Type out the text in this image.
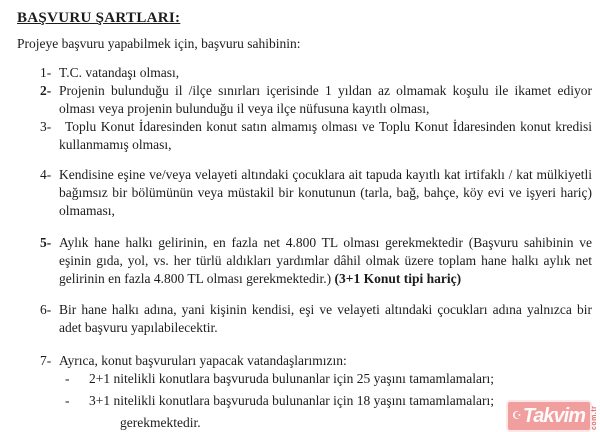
BAŞVURU ŞARTLARI:

Projeye başvuru yapabilmek için, başvuru sahibinin:

1- T.C. vatandaşı olması,
2- Projenin bulunduğu il /ilçe sınırları içerisinde 1 yıldan az olmamak koşulu ile ikamet ediyor olması veya projenin bulunduğu il veya ilçe nüfusuna kayıtlı olması,
3-	Toplu Konut İdaresinden konut satın almamış olması ve Toplu Konut İdaresinden konut kredisi kullanmamış olması,
4- Kendisine eşine ve/veya velayeti altındaki çocuklara ait tapuda kayıtlı kat irtifaklı / kat mülkiyetli bağımsız bir bölümünün veya müstakil bir konutunun (tarla, bağ, bahçe, köy evi ve işyeri hariç) olmaması,
5- Aylık hane halkı gelirinin, en fazla net 4.800 TL olması gerekmektedir (Başvuru sahibinin ve eşinin gıda, yol, vs. her türlü aldıkları yardımlar dâhil olmak üzere toplam hane halkı aylık net gelirinin en fazla 4.800 TL olması gerekmektedir.) (3+1 Konut tipi hariç)
6- Bir hane halkı adına, yani kişinin kendisi, eşi ve velayeti altındaki çocukları adına yalnızca bir adet başvuru yapılabilecektir.
7- Ayrıca, konut başvuruları yapacak vatandaşlarımızın:
-	2+1 nitelikli konutlara başvuruda bulunanlar için 25 yaşını tamamlamaları;
-	3+1 nitelikli konutlara başvuruda bulunanlar için 18 yaşını tamamlamaları;
gerekmektedir.	☪ Takvim com.tr
